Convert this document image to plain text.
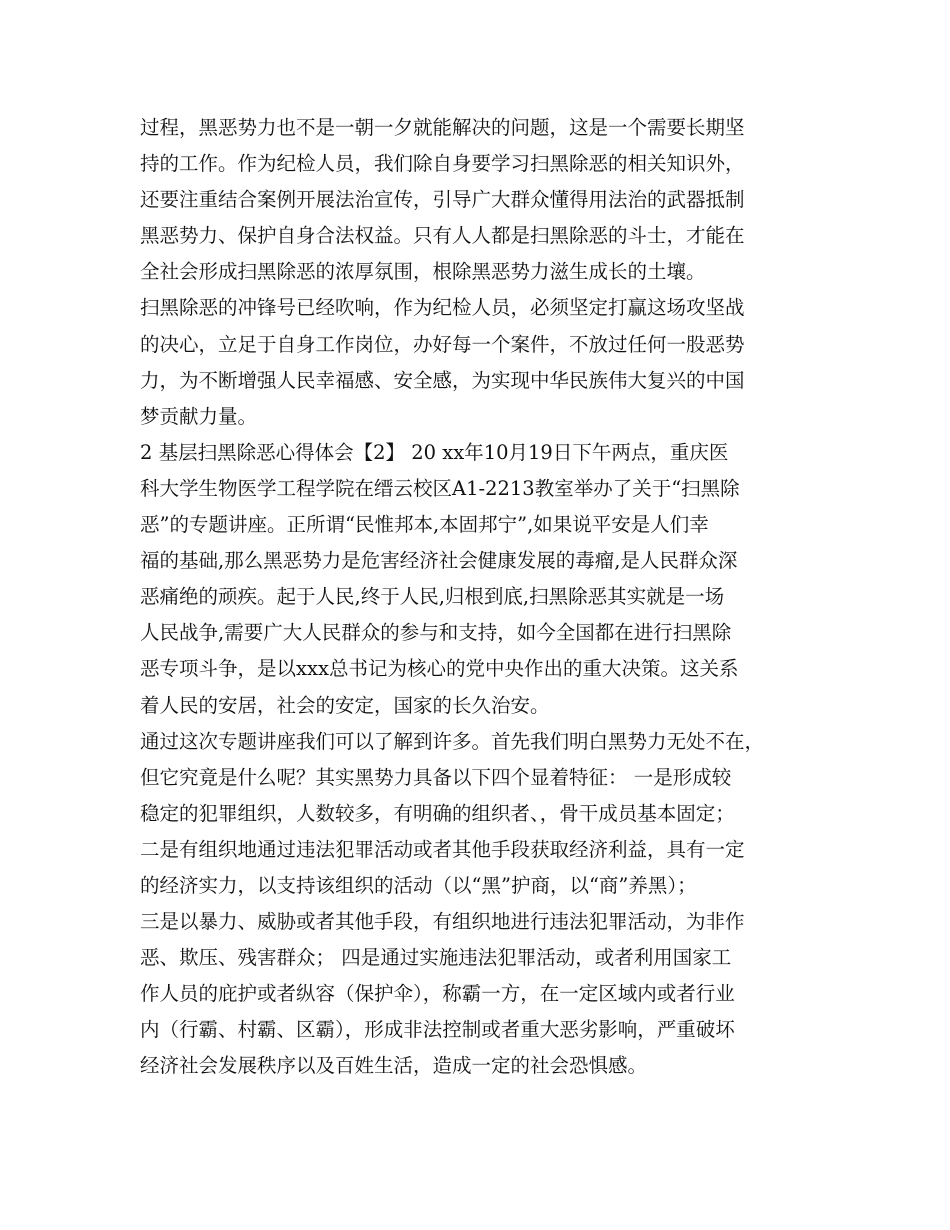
过程，黑恶势力也不是一朝一夕就能解决的问题，这是一个需要长期坚
持的工作。作为纪检人员，我们除自身要学习扫黑除恶的相关知识外，
还要注重结合案例开展法治宣传，引导广大群众懂得用法治的武器抵制
黑恶势力、保护自身合法权益。只有人人都是扫黑除恶的斗士，才能在
全社会形成扫黑除恶的浓厚氛围，根除黑恶势力滋生成长的土壤。
扫黑除恶的冲锋号已经吹响，作为纪检人员，必须坚定打赢这场攻坚战
的决心，立足于自身工作岗位，办好每一个案件，不放过任何一股恶势
力，为不断增强人民幸福感、安全感，为实现中华民族伟大复兴的中国
梦贡献力量。
2 基层扫黑除恶心得体会【2】 20 xx年10月19日下午两点，重庆医
科大学生物医学工程学院在缙云校区A1-2213教室举办了关于“扫黑除
恶”的专题讲座。正所谓“民惟邦本,本固邦宁”,如果说平安是人们幸
福的基础,那么黑恶势力是危害经济社会健康发展的毒瘤,是人民群众深
恶痛绝的顽疾。起于人民,终于人民,归根到底,扫黑除恶其实就是一场
人民战争,需要广大人民群众的参与和支持，如今全国都在进行扫黑除
恶专项斗争，是以xxx总书记为核心的党中央作出的重大决策。这关系
着人民的安居，社会的安定，国家的长久治安。
通过这次专题讲座我们可以了解到许多。首先我们明白黑势力无处不在，
但它究竟是什么呢？其实黑势力具备以下四个显着特征： 一是形成较
稳定的犯罪组织，人数较多，有明确的组织者、，骨干成员基本固定；
二是有组织地通过违法犯罪活动或者其他手段获取经济利益，具有一定
的经济实力，以支持该组织的活动（以“黑”护商，以“商”养黑）；
三是以暴力、威胁或者其他手段，有组织地进行违法犯罪活动，为非作
恶、欺压、残害群众； 四是通过实施违法犯罪活动，或者利用国家工
作人员的庇护或者纵容（保护伞），称霸一方，在一定区域内或者行业
内（行霸、村霸、区霸），形成非法控制或者重大恶劣影响，严重破坏
经济社会发展秩序以及百姓生活，造成一定的社会恐惧感。
